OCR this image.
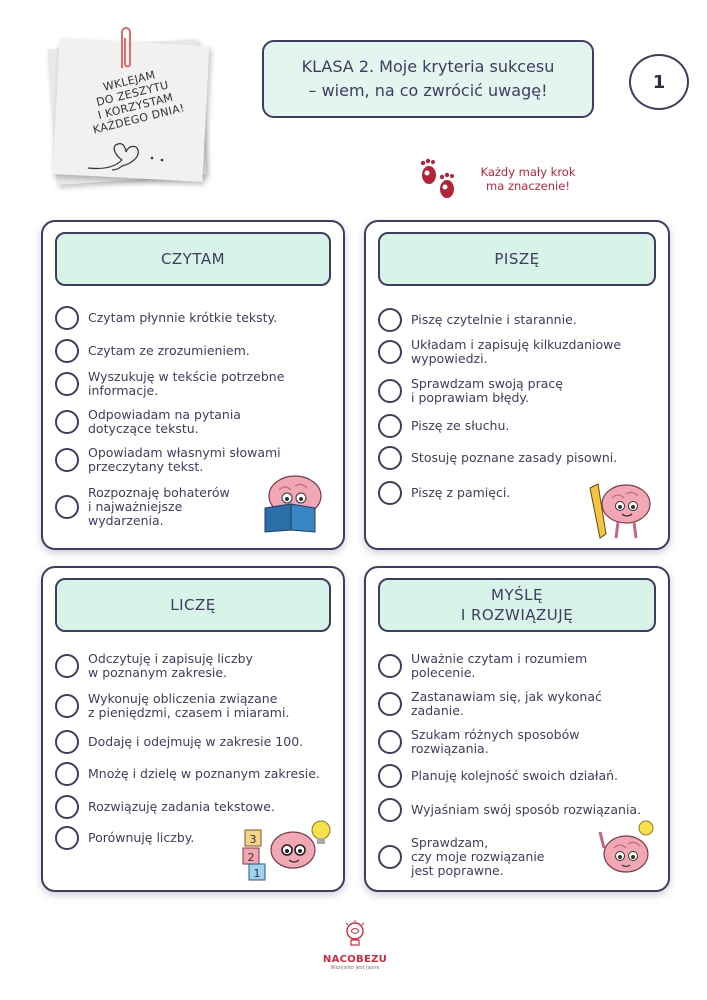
WKLEJAM
DO ZESZYTU
I KORZYSTAM
KAŻDEGO DNIA!
KLASA 2. Moje kryteria sukcesu
– wiem, na co zwrócić uwagę!	1
Każdy mały krok
ma znaczenie!
CZYTAM
Czytam płynnie krótkie teksty.
Czytam ze zrozumieniem.
Wyszukuję w tekście potrzebne
informacje.
Odpowiadam na pytania
dotyczące tekstu.
Opowiadam własnymi słowami
przeczytany tekst.
Rozpoznaję bohaterów
i najważniejsze
wydarzenia.
PISZĘ
Piszę czytelnie i starannie.
Układam i zapisuję kilkuzdaniowe
wypowiedzi.
Sprawdzam swoją pracę
i poprawiam błędy.
Piszę ze słuchu.
Stosuję poznane zasady pisowni.
Piszę z pamięci.
LICZĘ
Odczytuję i zapisuję liczby
w poznanym zakresie.
Wykonuję obliczenia związane
z pieniędzmi, czasem i miarami.
Dodaję i odejmuję w zakresie 100.
Mnożę i dzielę w poznanym zakresie.
Rozwiązuję zadania tekstowe.
Porównuję liczby.	3
2
1
MYŚLĘ
I ROZWIĄZUJĘ
Uważnie czytam i rozumiem
polecenie.
Zastanawiam się, jak wykonać
zadanie.
Szukam różnych sposobów
rozwiązania.
Planuję kolejność swoich działań.
Wyjaśniam swój sposób rozwiązania.
Sprawdzam,
czy moje rozwiązanie
jest poprawne.
NACOBEZU
Wszystko jest jasne
